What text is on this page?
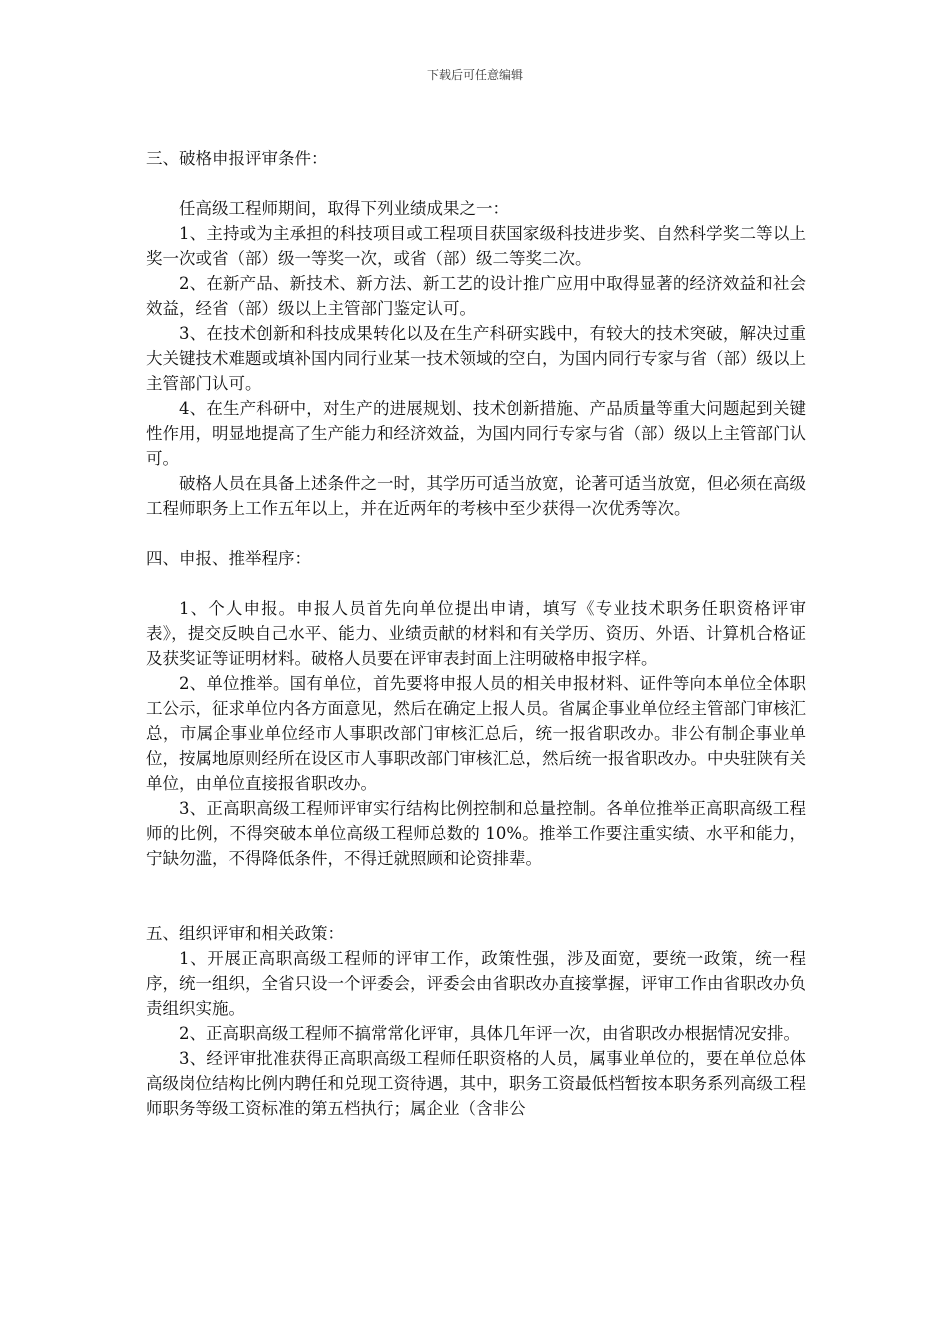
下载后可任意编辑

三、破格申报评审条件：

任高级工程师期间，取得下列业绩成果之一：

1、主持或为主承担的科技项目或工程项目获国家级科技进步奖、自然科学奖二等以上奖一次或省（部）级一等奖一次，或省（部）级二等奖二次。

2、在新产品、新技术、新方法、新工艺的设计推广应用中取得显著的经济效益和社会效益，经省（部）级以上主管部门鉴定认可。

3、在技术创新和科技成果转化以及在生产科研实践中，有较大的技术突破，解决过重大关键技术难题或填补国内同行业某一技术领域的空白，为国内同行专家与省（部）级以上主管部门认可。

4、在生产科研中，对生产的进展规划、技术创新措施、产品质量等重大问题起到关键性作用，明显地提高了生产能力和经济效益，为国内同行专家与省（部）级以上主管部门认可。

破格人员在具备上述条件之一时，其学历可适当放宽，论著可适当放宽，但必须在高级工程师职务上工作五年以上，并在近两年的考核中至少获得一次优秀等次。

四、申报、推举程序：

1、个人申报。申报人员首先向单位提出申请，填写《专业技术职务任职资格评审表》，提交反映自己水平、能力、业绩贡献的材料和有关学历、资历、外语、计算机合格证及获奖证等证明材料。破格人员要在评审表封面上注明破格申报字样。

2、单位推举。国有单位，首先要将申报人员的相关申报材料、证件等向本单位全体职工公示，征求单位内各方面意见，然后在确定上报人员。省属企事业单位经主管部门审核汇总，市属企事业单位经市人事职改部门审核汇总后，统一报省职改办。非公有制企事业单位，按属地原则经所在设区市人事职改部门审核汇总，然后统一报省职改办。中央驻陕有关单位，由单位直接报省职改办。

3、正高职高级工程师评审实行结构比例控制和总量控制。各单位推举正高职高级工程师的比例，不得突破本单位高级工程师总数的 10%。推举工作要注重实绩、水平和能力，宁缺勿滥，不得降低条件，不得迁就照顾和论资排辈。

五、组织评审和相关政策：

1、开展正高职高级工程师的评审工作，政策性强，涉及面宽，要统一政策，统一程序，统一组织，全省只设一个评委会，评委会由省职改办直接掌握，评审工作由省职改办负责组织实施。

2、正高职高级工程师不搞常常化评审，具体几年评一次，由省职改办根据情况安排。

3、经评审批准获得正高职高级工程师任职资格的人员，属事业单位的，要在单位总体高级岗位结构比例内聘任和兑现工资待遇，其中，职务工资最低档暂按本职务系列高级工程师职务等级工资标准的第五档执行；属企业（含非公
